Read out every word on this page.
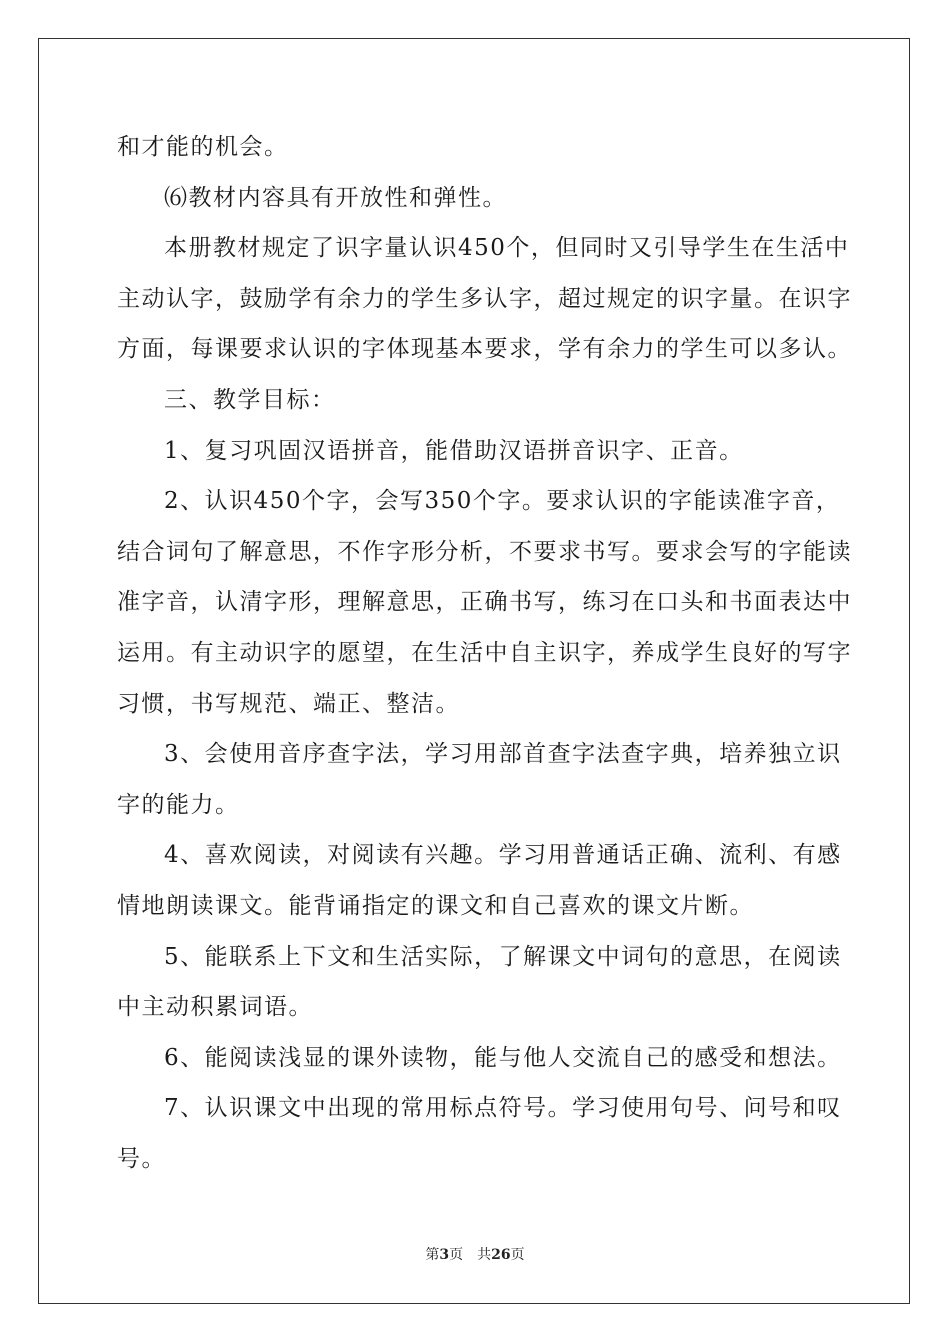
和才能的机会。
⑹教材内容具有开放性和弹性。
本册教材规定了识字量认识450个，但同时又引导学生在生活中
主动认字，鼓励学有余力的学生多认字，超过规定的识字量。在识字
方面，每课要求认识的字体现基本要求，学有余力的学生可以多认。
三、教学目标：
1、复习巩固汉语拼音，能借助汉语拼音识字、正音。
2、认识450个字，会写350个字。要求认识的字能读准字音，
结合词句了解意思，不作字形分析，不要求书写。要求会写的字能读
准字音，认清字形，理解意思，正确书写，练习在口头和书面表达中
运用。有主动识字的愿望，在生活中自主识字，养成学生良好的写字
习惯，书写规范、端正、整洁。
3、会使用音序查字法，学习用部首查字法查字典，培养独立识
字的能力。
4、喜欢阅读，对阅读有兴趣。学习用普通话正确、流利、有感
情地朗读课文。能背诵指定的课文和自己喜欢的课文片断。
5、能联系上下文和生活实际，了解课文中词句的意思，在阅读
中主动积累词语。
6、能阅读浅显的课外读物，能与他人交流自己的感受和想法。
7、认识课文中出现的常用标点符号。学习使用句号、问号和叹
号。
第3页 共26页
